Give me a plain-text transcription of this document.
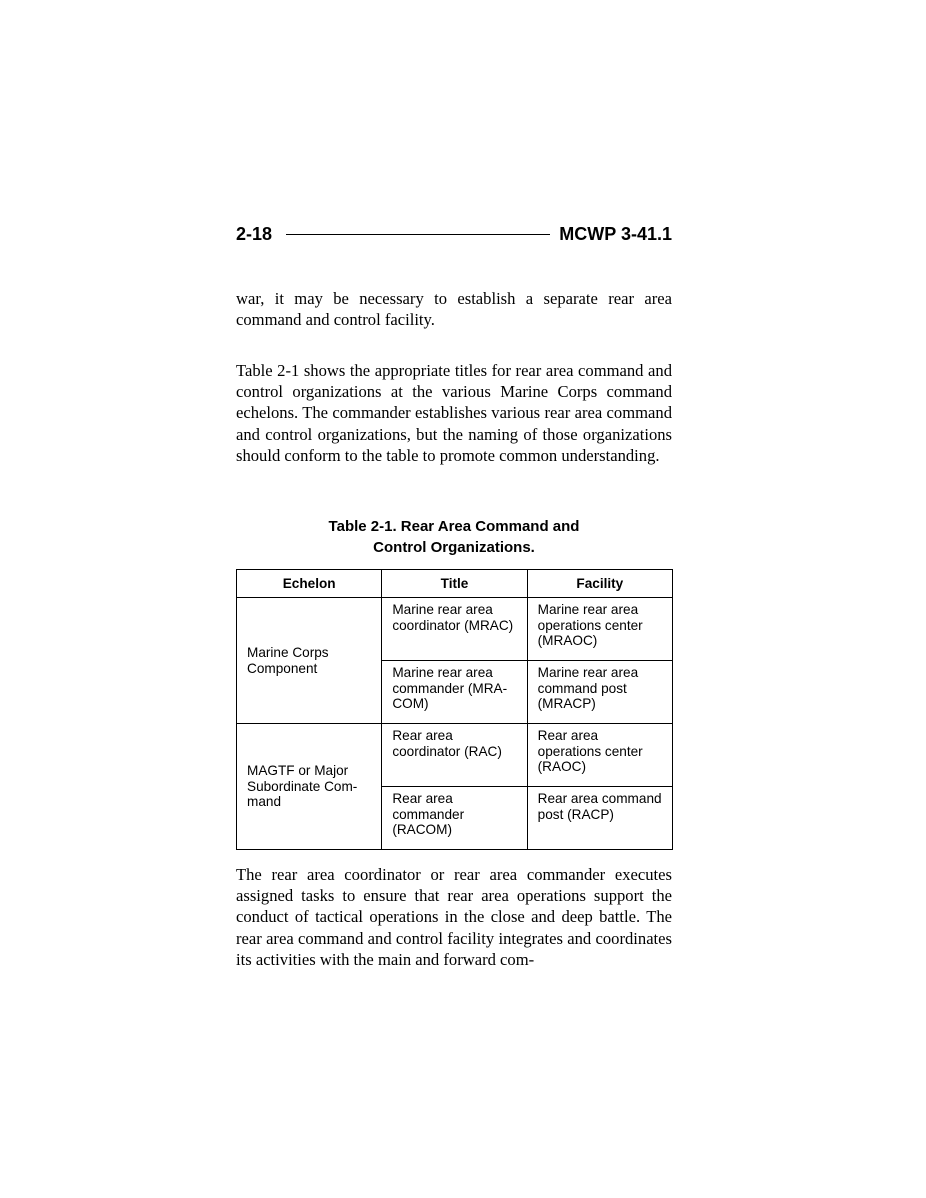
2-18	MCWP 3-41.1

war, it may be necessary to establish a separate rear area command and control facility.

Table 2-1 shows the appropriate titles for rear area command and control organizations at the various Marine Corps command echelons. The commander establishes various rear area command and control organizations, but the naming of those organizations should conform to the table to promote common understanding.

Table 2-1. Rear Area Command and
Control Organizations.
Echelon	Title	Facility

Marine Corps Component	Marine rear area coordinator (MRAC)	Marine rear area operations center (MRAOC)

	Marine rear area commander (MRA-COM)	Marine rear area command post (MRACP)

MAGTF or Major Subordinate Com-mand	Rear area coordinator (RAC)	Rear area operations center (RAOC)

	Rear area commander (RACOM)	Rear area command post (RACP)

The rear area coordinator or rear area commander executes assigned tasks to ensure that rear area operations support the conduct of tactical operations in the close and deep battle. The rear area command and control facility integrates and coordinates its activities with the main and forward com-
